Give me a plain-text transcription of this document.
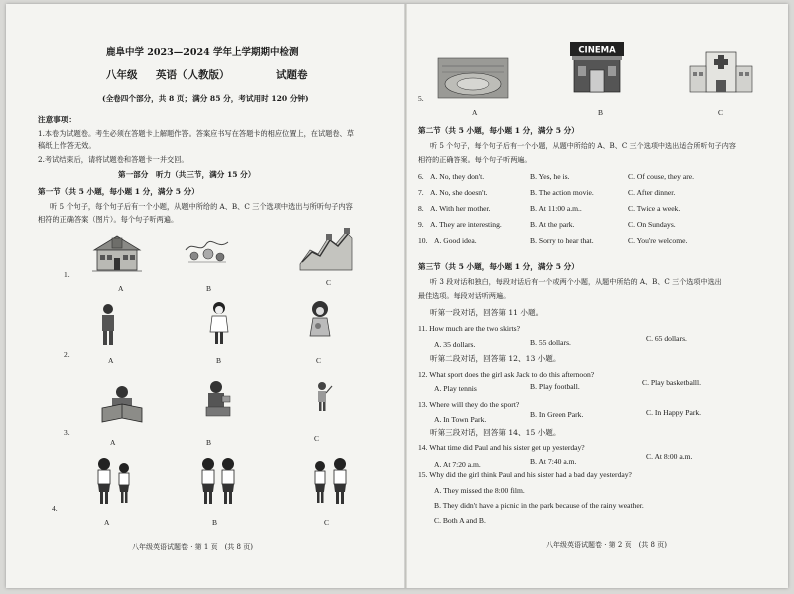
鹿阜中学 2023—2024 学年上学期期中检测
八年级 英语（人教版）	试题卷
(全卷四个部分，共 8 页；满分 85 分，考试用时 120 分钟)
注意事项：
1.本卷为试题卷。考生必须在答题卡上解题作答。答案应书写在答题卡的相应位置上，在试题卷、草
稿纸上作答无效。
2.考试结束后，请将试题卷和答题卡一并交回。
第一部分　听力（共三节，满分 15 分）
第一节（共 5 小题，每小题 1 分，满分 5 分）
听 5 个句子，每个句子后有一个小题，从题中所给的 A、B、C 三个选项中选出与所听句子内容
相符的正确答案（图片）。每个句子听两遍。
1.
A	B
C
2.
A	B	C
3.
A	B	C
4.
A	B	C
八年级英语试题卷 · 第 1 页　(共 8 页)
5.
A
CINEMA
B	C
第二节（共 5 小题，每小题 1 分，满分 5 分）
听 5 个句子，每个句子后有一个小题，从题中所给的 A、B、C 三个选项中选出适合所听句子内容
相符的正确答案。每个句子听两遍。
6. A. No, they don't.	B. Yes, he is.	C. Of couse, they are.
7. A. No, she doesn't.	B. The action movie.	C. After dinner.
8. A. With her mother.	B. At 11:00 a.m..	C. Twice a week.
9. A. They are interesting.	B. At the park.	C. On Sundays.
10. A. Good idea.	B. Sorry to hear that.	C. You're welcome.
第三节（共 5 小题，每小题 1 分，满分 5 分）
听 3 段对话和独白，每段对话后有一个或两个小题，从题中所给的 A、B、C 三个选项中选出
最佳选项。每段对话听两遍。
听第一段对话，回答第 11 小题。
11. How much are the two skirts?
A. 35 dollars.	B. 55 dollars.	C. 65 dollars.
听第二段对话，回答第 12、13 小题。
12. What sport does the girl ask Jack to do this afternoon?
A. Play tennis	B. Play football.	C. Play basketballl.
13. Where will they do the sport?
A. In Town Park.
B. In Green Park.	C. In Happy Park.
听第三段对话，回答第 14、15 小题。
14. What time did Paul and his sister get up yesterday?
A. At 7:20 a.m.	B. At 7:40 a.m.
C. At 8:00 a.m.
15. Why did the girl think Paul and his sister had a bad day yesterday?
A. They missed the 8:00 film.
B. They didn't have a picnic in the park because of the rainy weather.
C. Both A and B.
八年级英语试题卷 · 第 2 页　(共 8 页)
